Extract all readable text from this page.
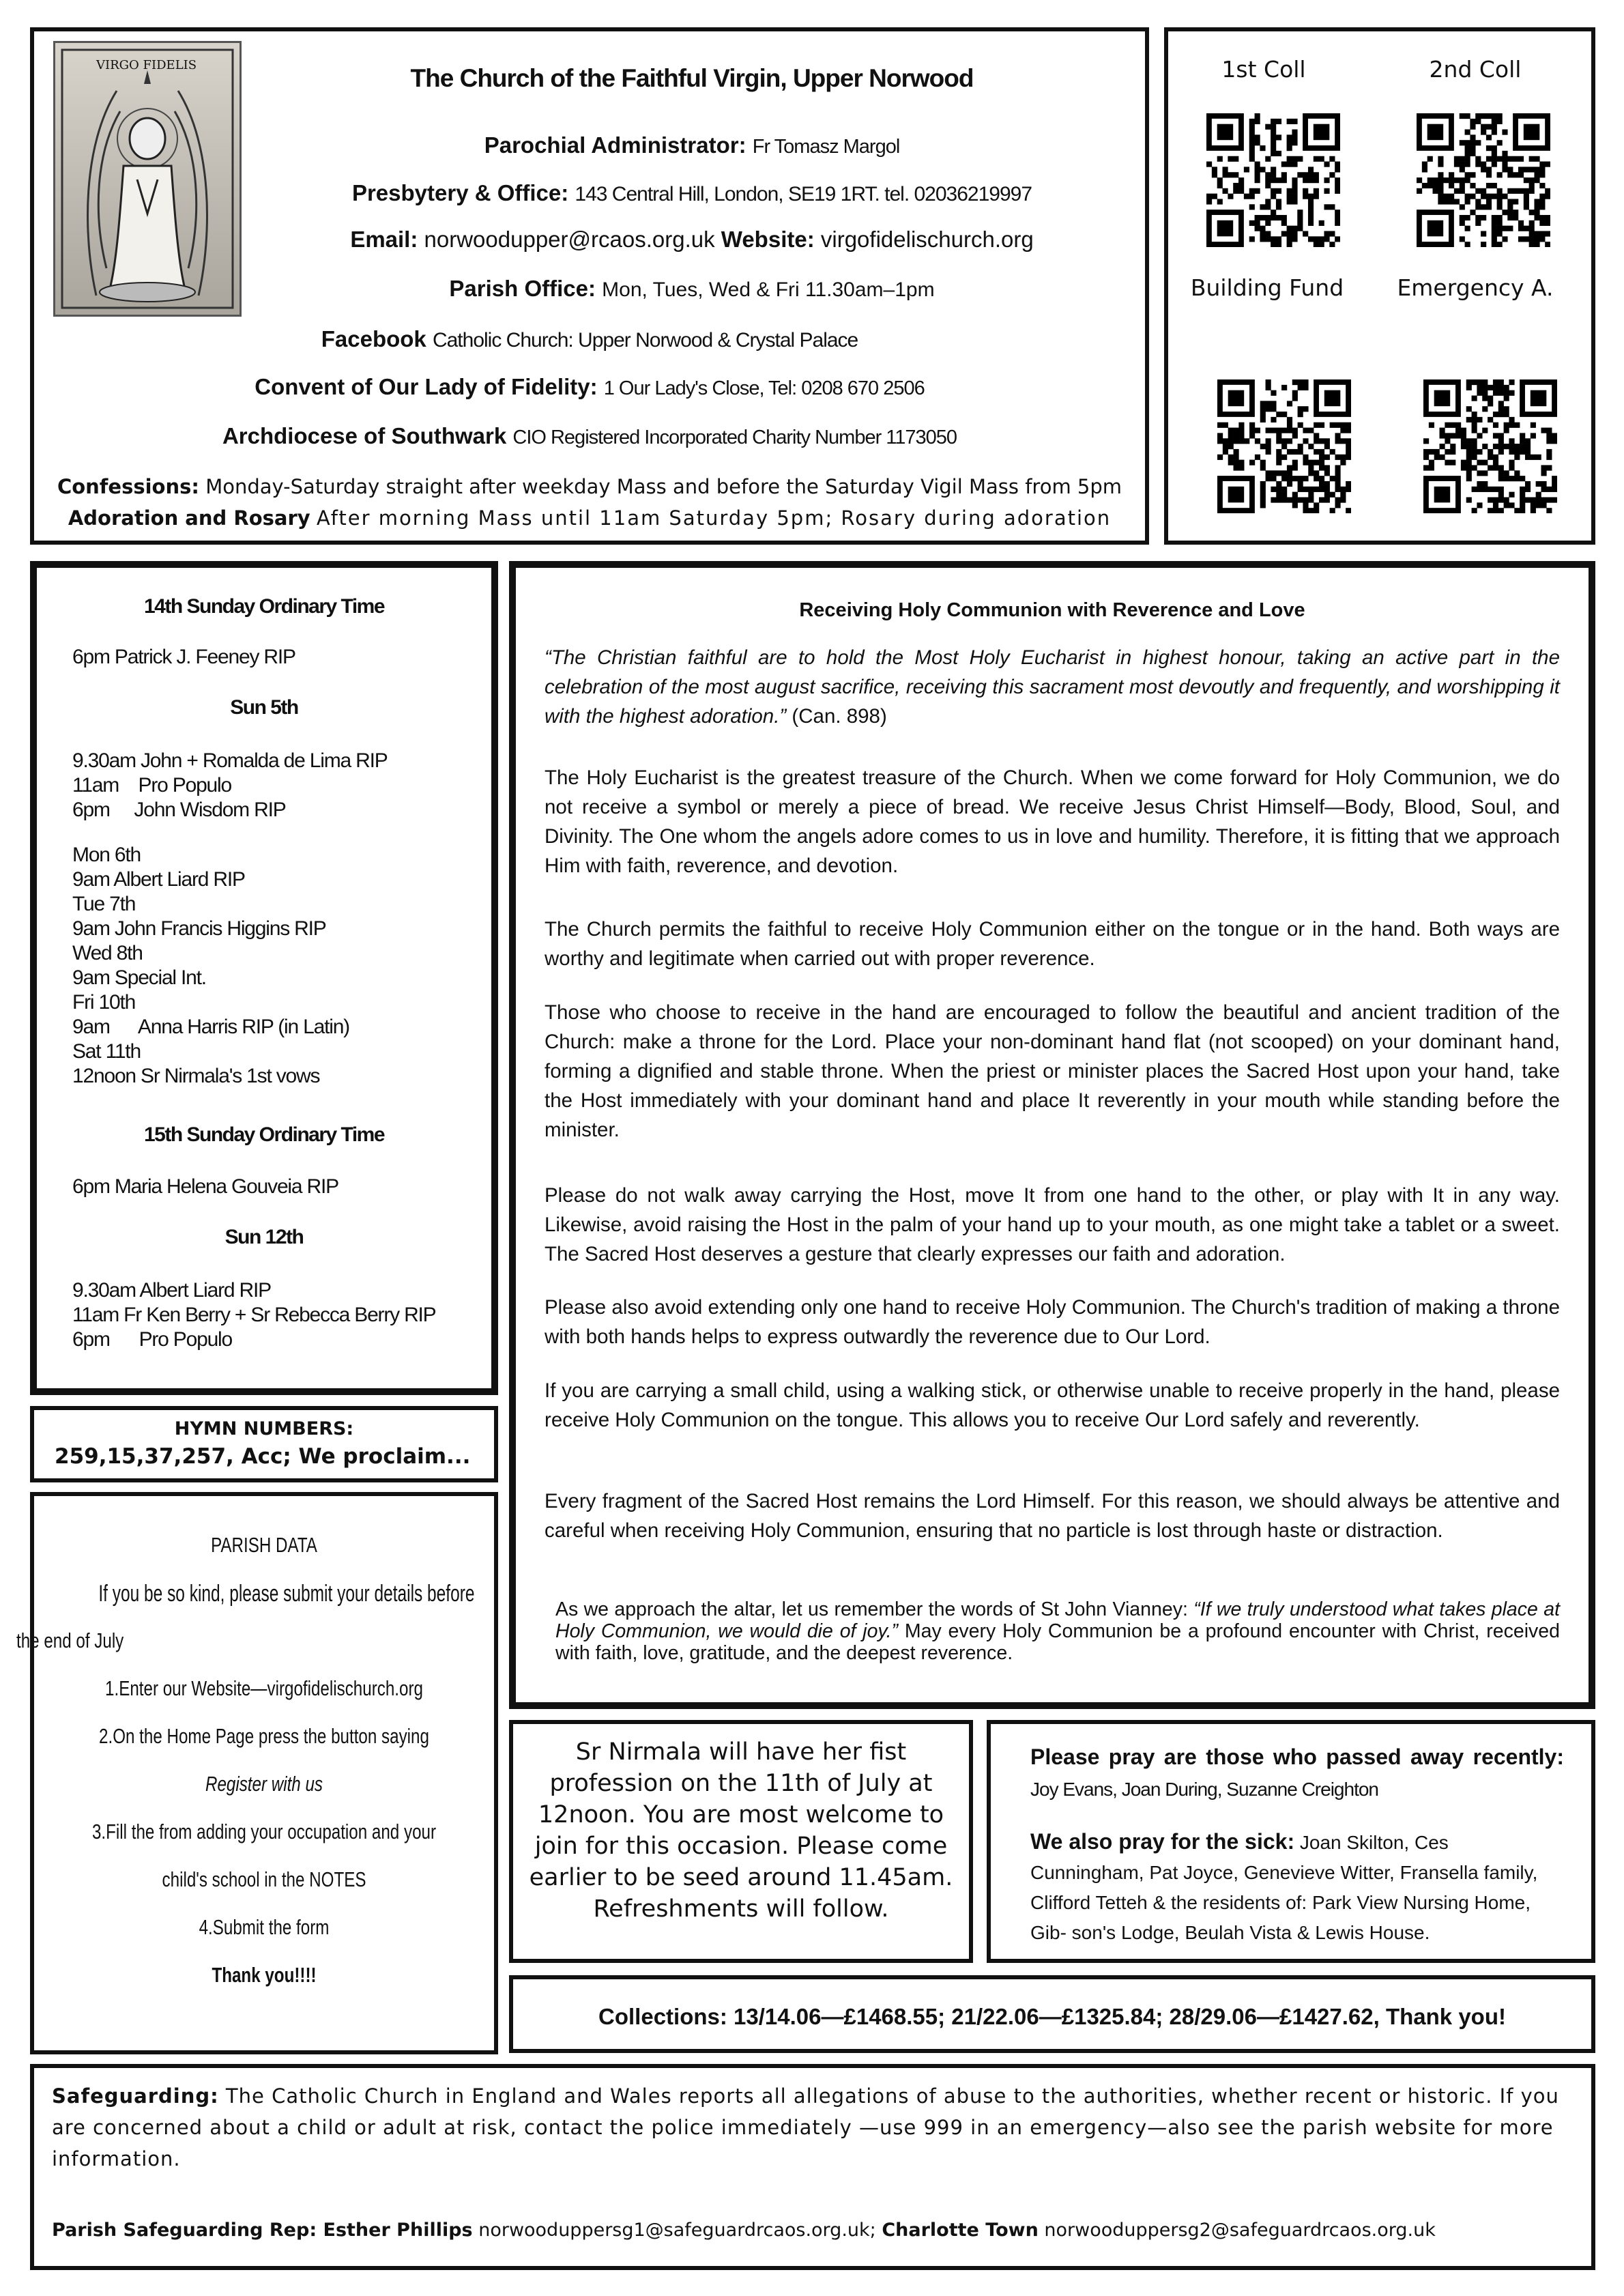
VIRGO FIDELIS	The Church of the Faithful Virgin, Upper Norwood
Parochial Administrator: Fr Tomasz Margol
Presbytery & Office: 143 Central Hill, London, SE19 1RT. tel. 02036219997
Email: norwoodupper@rcaos.org.uk Website: virgofidelischurch.org
Parish Office: Mon, Tues, Wed & Fri 11.30am–1pm
Facebook Catholic Church: Upper Norwood & Crystal Palace
Convent of Our Lady of Fidelity: 1 Our Lady's Close, Tel: 0208 670 2506
Archdiocese of Southwark CIO Registered Incorporated Charity Number 1173050
Confessions: Monday-Saturday straight after weekday Mass and before the Saturday Vigil Mass from 5pm
Adoration and Rosary After morning Mass until 11am Saturday 5pm; Rosary during adoration
1st Coll	2nd Coll
Building Fund	Emergency A.
14th Sunday Ordinary Time
6pm Patrick J. Feeney RIP
Sun 5th
9.30am John + Romalda de Lima RIP
11am    Pro Populo
6pm     John Wisdom RIP
Mon 6th
9am Albert Liard RIP
Tue 7th
9am John Francis Higgins RIP
Wed 8th
9am Special Int.
Fri 10th
9am      Anna Harris RIP (in Latin)
Sat 11th
12noon Sr Nirmala's 1st vows
15th Sunday Ordinary Time
6pm Maria Helena Gouveia RIP
Sun 12th
9.30am Albert Liard RIP
11am Fr Ken Berry + Sr Rebecca Berry RIP
6pm      Pro Populo
HYMN NUMBERS:
259,15,37,257, Acc; We proclaim...
PARISH DATA
If you be so kind, please submit your details before
the end of July
1.Enter our Website—virgofidelischurch.org
2.On the Home Page press the button saying
Register with us
3.Fill the from adding your occupation and your
child's school in the NOTES
4.Submit the form
Thank you!!!!
Receiving Holy Communion with Reverence and Love
“The Christian faithful are to hold the Most Holy Eucharist in highest honour, taking an active part in the celebration of the most august sacrifice, receiving this sacrament most devoutly and frequently, and worshipping it with the highest adoration.” (Can. 898)
The Holy Eucharist is the greatest treasure of the Church. When we come forward for Holy Communion, we do not receive a symbol or merely a piece of bread. We receive Jesus Christ Himself—Body, Blood, Soul, and Divinity. The One whom the angels adore comes to us in love and humility. Therefore, it is fitting that we approach Him with faith, reverence, and devotion.
The Church permits the faithful to receive Holy Communion either on the tongue or in the hand. Both ways are worthy and legitimate when carried out with proper reverence.
Those who choose to receive in the hand are encouraged to follow the beautiful and ancient tradition of the Church: make a throne for the Lord. Place your non-dominant hand flat (not scooped) on your dominant hand, forming a dignified and stable throne. When the priest or minister places the Sacred Host upon your hand, take the Host immediately with your dominant hand and place It reverently in your mouth while standing before the minister.
Please do not walk away carrying the Host, move It from one hand to the other, or play with It in any way. Likewise, avoid raising the Host in the palm of your hand up to your mouth, as one might take a tablet or a sweet. The Sacred Host deserves a gesture that clearly expresses our faith and adoration.
Please also avoid extending only one hand to receive Holy Communion. The Church's tradition of making a throne with both hands helps to express outwardly the reverence due to Our Lord.
If you are carrying a small child, using a walking stick, or otherwise unable to receive properly in the hand, please receive Holy Communion on the tongue. This allows you to receive Our Lord safely and reverently.
Every fragment of the Sacred Host remains the Lord Himself. For this reason, we should always be attentive and careful when receiving Holy Communion, ensuring that no particle is lost through haste or distraction.
As we approach the altar, let us remember the words of St John Vianney: “If we truly understood what takes place at Holy Communion, we would die of joy.” May every Holy Communion be a profound encounter with Christ, received with faith, love, gratitude, and the deepest reverence.
Sr Nirmala will have her fist profession on the 11th of July at 12noon. You are most welcome to join for this occasion. Please come earlier to be seed around 11.45am. Refreshments will follow.
Please pray are those who passed away recently: Joy Evans, Joan During, Suzanne Creighton
We also pray for the sick: Joan Skilton, Ces Cunningham, Pat Joyce, Genevieve Witter, Fransella family, Clifford Tetteh & the residents of: Park View Nursing Home, Gib- son's Lodge, Beulah Vista & Lewis House.
Collections: 13/14.06—£1468.55; 21/22.06—£1325.84; 28/29.06—£1427.62, Thank you!
Safeguarding: The Catholic Church in England and Wales reports all allegations of abuse to the authorities, whether recent or historic. If you are concerned about a child or adult at risk, contact the police immediately —use 999 in an emergency—also see the parish website for more information.
Parish Safeguarding Rep: Esther Phillips norwooduppersg1@safeguardrcaos.org.uk; Charlotte Town norwooduppersg2@safeguardrcaos.org.uk
